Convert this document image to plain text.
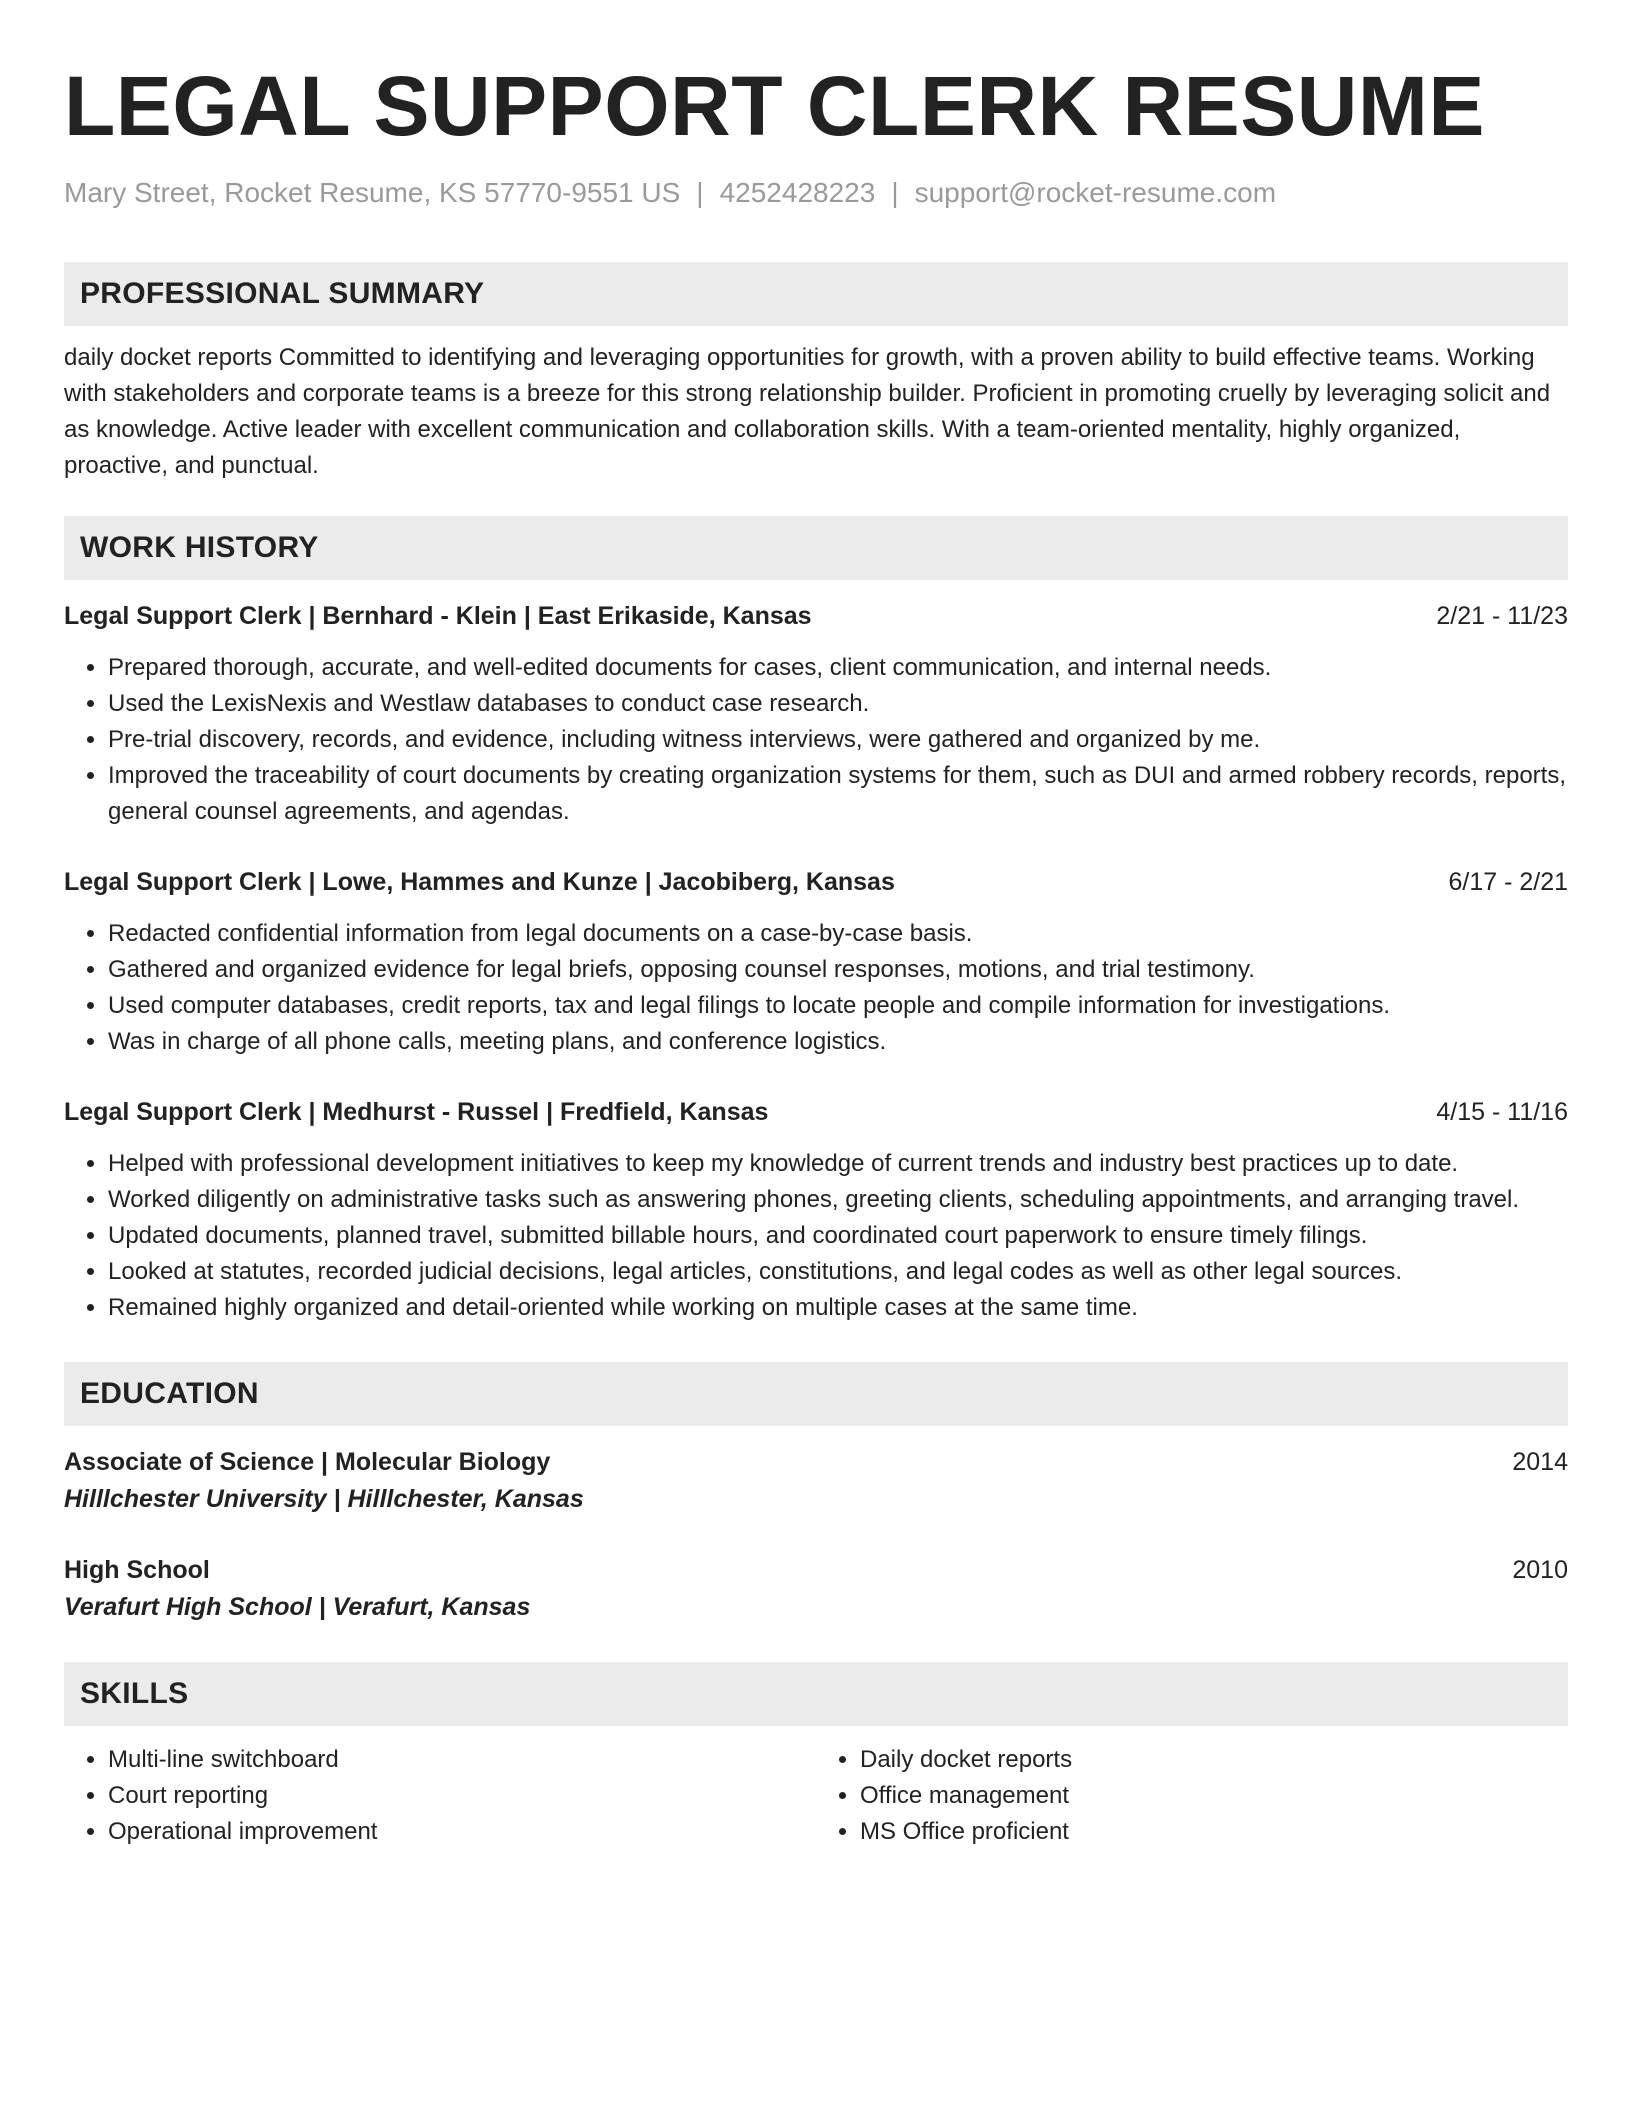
LEGAL SUPPORT CLERK RESUME
Mary Street, Rocket Resume, KS 57770-9551 US | 4252428223 | support@rocket-resume.com
PROFESSIONAL SUMMARY

daily docket reports Committed to identifying and leveraging opportunities for growth, with a proven ability to build effective teams. Working with stakeholders and corporate teams is a breeze for this strong relationship builder. Proficient in promoting cruelly by leveraging solicit and as knowledge. Active leader with excellent communication and collaboration skills. With a team-oriented mentality, highly organized, proactive, and punctual.

WORK HISTORY
Legal Support Clerk | Bernhard - Klein | East Erikaside, Kansas	2/21 - 11/23
• Prepared thorough, accurate, and well-edited documents for cases, client communication, and internal needs.
• Used the LexisNexis and Westlaw databases to conduct case research.
• Pre-trial discovery, records, and evidence, including witness interviews, were gathered and organized by me.
• Improved the traceability of court documents by creating organization systems for them, such as DUI and armed robbery records, reports, general counsel agreements, and agendas.
Legal Support Clerk | Lowe, Hammes and Kunze | Jacobiberg, Kansas	6/17 - 2/21
• Redacted confidential information from legal documents on a case-by-case basis.
• Gathered and organized evidence for legal briefs, opposing counsel responses, motions, and trial testimony.
• Used computer databases, credit reports, tax and legal filings to locate people and compile information for investigations.
• Was in charge of all phone calls, meeting plans, and conference logistics.
Legal Support Clerk | Medhurst - Russel | Fredfield, Kansas	4/15 - 11/16
• Helped with professional development initiatives to keep my knowledge of current trends and industry best practices up to date.
• Worked diligently on administrative tasks such as answering phones, greeting clients, scheduling appointments, and arranging travel.
• Updated documents, planned travel, submitted billable hours, and coordinated court paperwork to ensure timely filings.
• Looked at statutes, recorded judicial decisions, legal articles, constitutions, and legal codes as well as other legal sources.
• Remained highly organized and detail-oriented while working on multiple cases at the same time.
EDUCATION
Associate of Science | Molecular Biology	2014
Hilllchester University | Hilllchester, Kansas
High School	2010
Verafurt High School | Verafurt, Kansas
SKILLS
• Multi-line switchboard
• Court reporting
• Operational improvement
• Daily docket reports
• Office management
• MS Office proficient
